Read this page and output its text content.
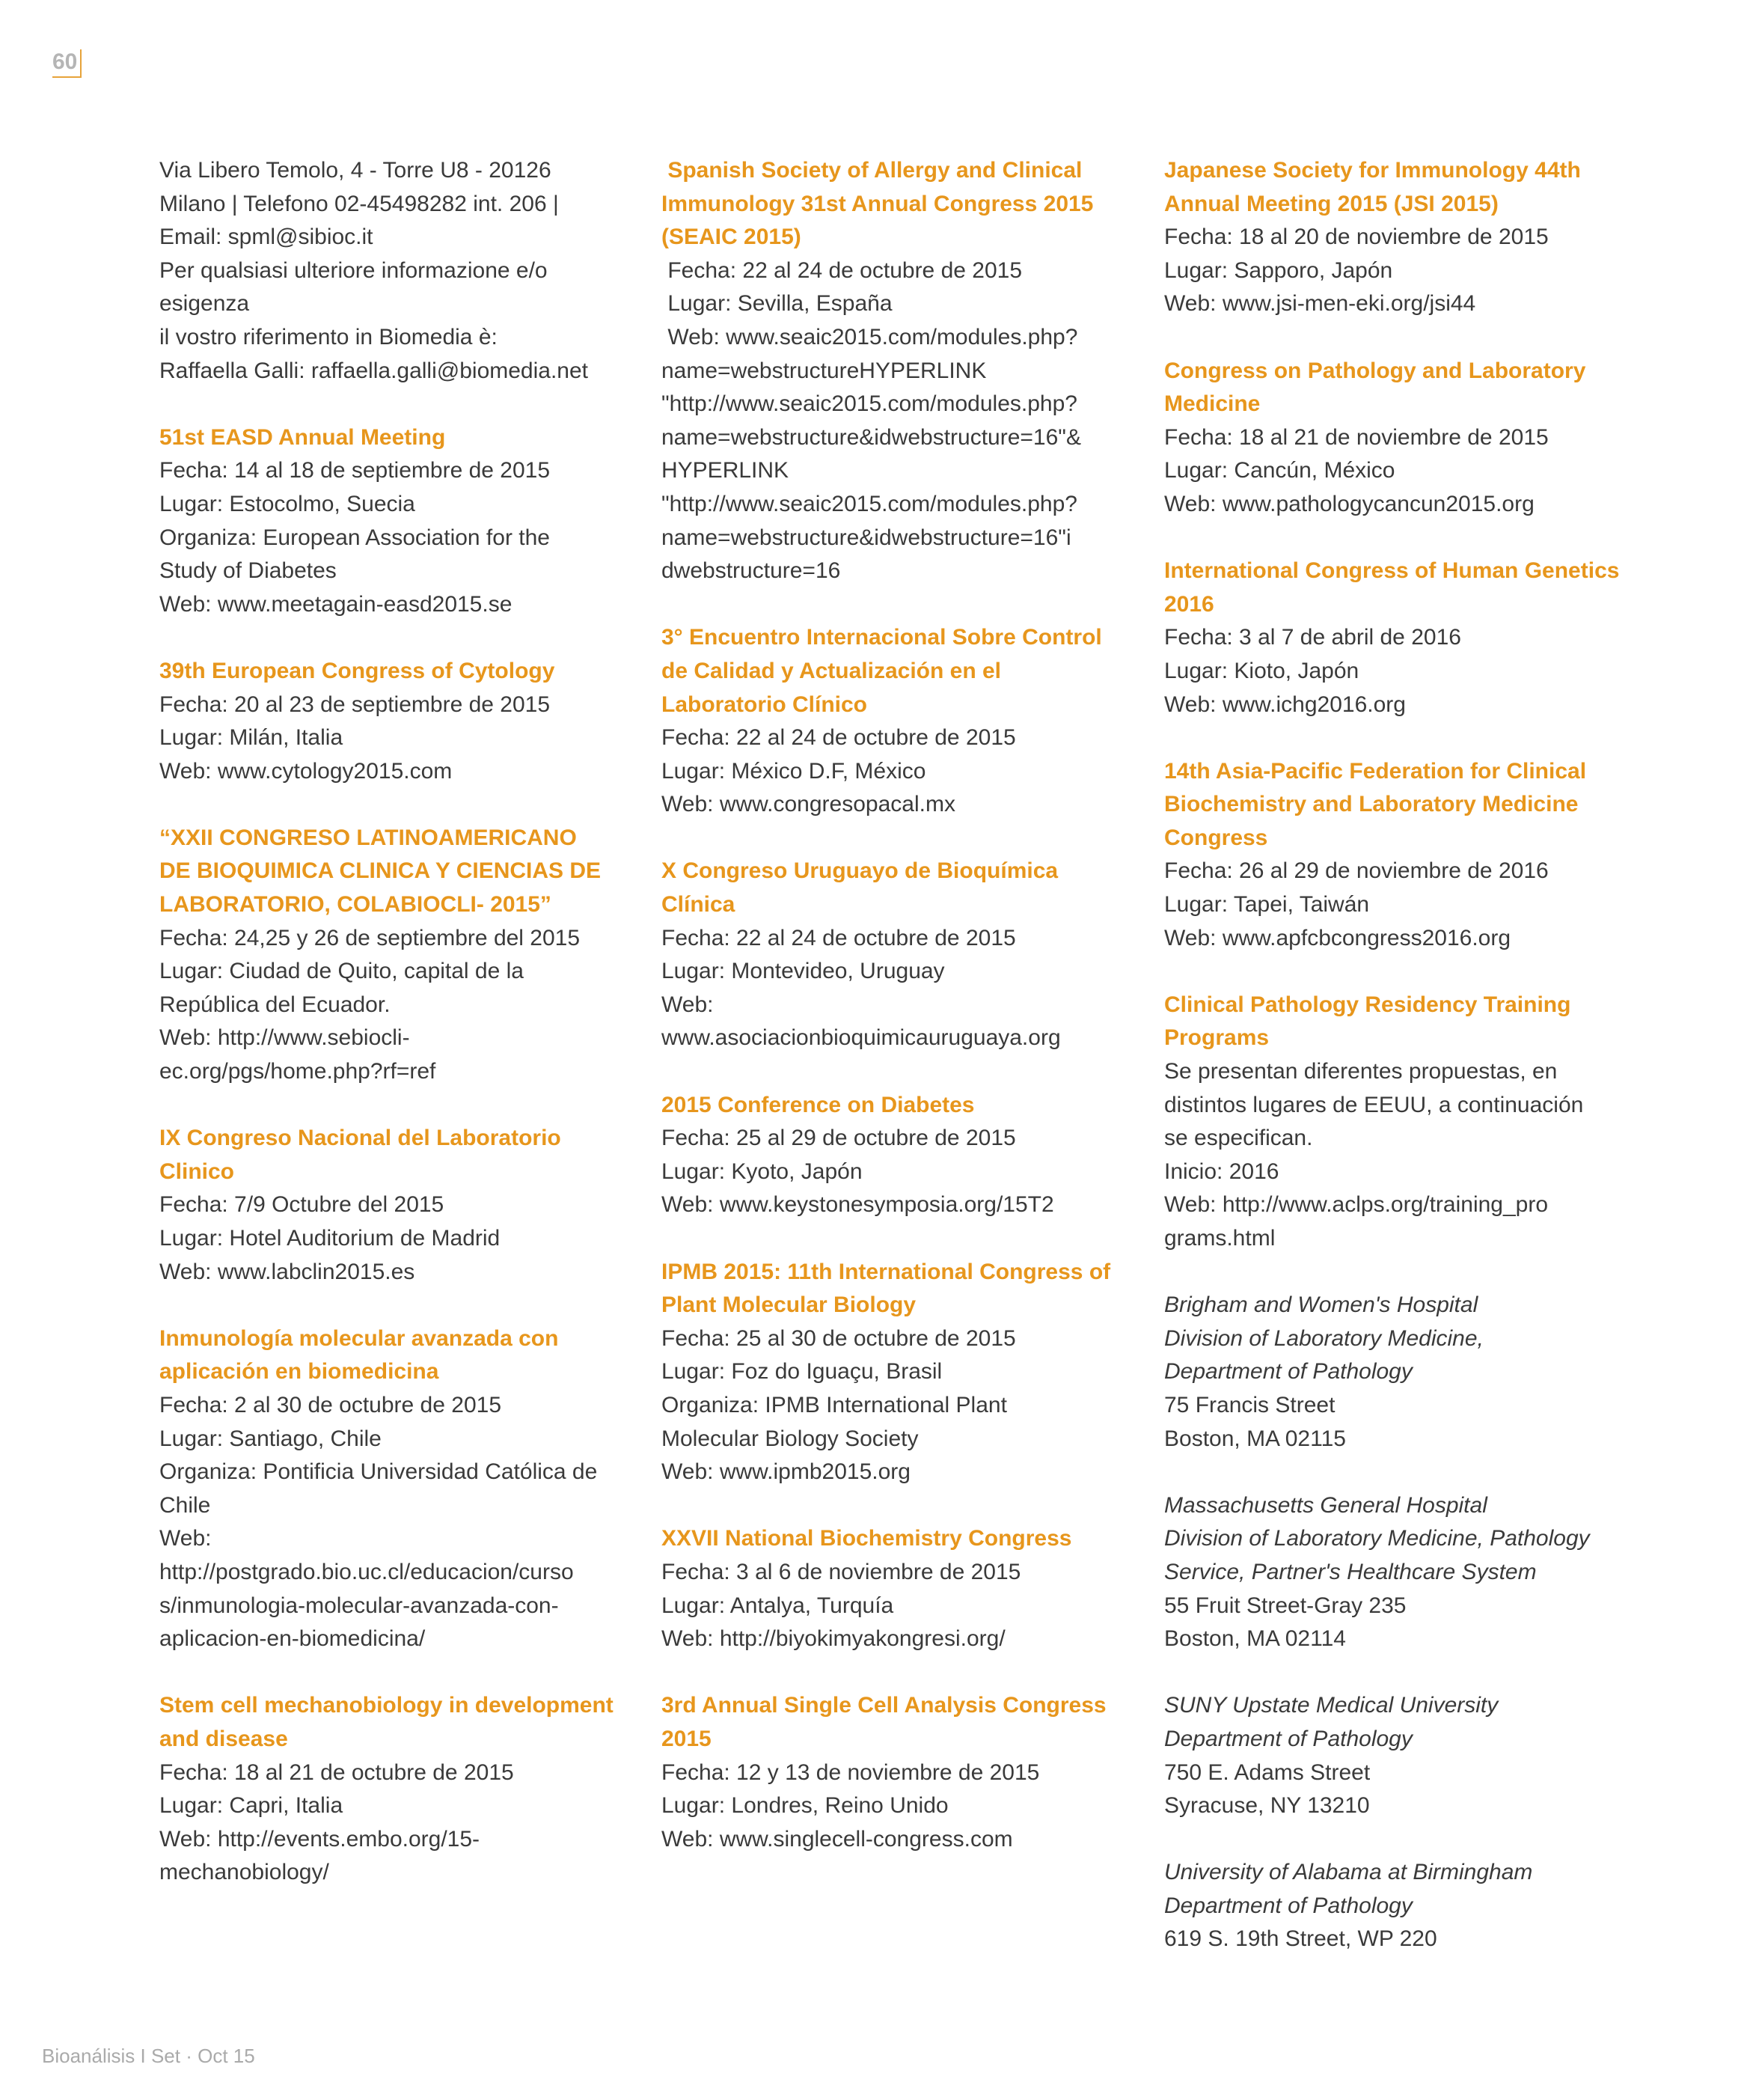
60
Via Libero Temolo, 4 - Torre U8 - 20126
Milano | Telefono 02-45498282 int. 206 |
Email: spml@sibioc.it
Per qualsiasi ulteriore informazione e/o
esigenza
il vostro riferimento in Biomedia è:
Raffaella Galli: raffaella.galli@biomedia.net
51st EASD Annual Meeting
Fecha: 14 al 18 de septiembre de 2015
Lugar: Estocolmo, Suecia
Organiza: European Association for the
Study of Diabetes
Web: www.meetagain-easd2015.se
39th European Congress of Cytology
Fecha: 20 al 23 de septiembre de 2015
Lugar: Milán, Italia
Web: www.cytology2015.com
“XXII CONGRESO LATINOAMERICANO
DE BIOQUIMICA CLINICA Y CIENCIAS DE
LABORATORIO, COLABIOCLI- 2015”
Fecha: 24,25 y 26 de septiembre del 2015
Lugar: Ciudad de Quito, capital de la
República del Ecuador.
Web: http://www.sebiocli-
ec.org/pgs/home.php?rf=ref
IX Congreso Nacional del Laboratorio
Clinico
Fecha: 7/9 Octubre del 2015
Lugar: Hotel Auditorium de Madrid
Web: www.labclin2015.es
Inmunología molecular avanzada con
aplicación en biomedicina
Fecha: 2 al 30 de octubre de 2015
Lugar: Santiago, Chile
Organiza: Pontificia Universidad Católica de
Chile
Web:
http://postgrado.bio.uc.cl/educacion/curso
s/inmunologia-molecular-avanzada-con-
aplicacion-en-biomedicina/
Stem cell mechanobiology in development
and disease
Fecha: 18 al 21 de octubre de 2015
Lugar: Capri, Italia
Web: http://events.embo.org/15-
mechanobiology/
Spanish Society of Allergy and Clinical
Immunology 31st Annual Congress 2015
(SEAIC 2015)
Fecha: 22 al 24 de octubre de 2015
Lugar: Sevilla, España
Web: www.seaic2015.com/modules.php?
name=webstructureHYPERLINK
"http://www.seaic2015.com/modules.php?
name=webstructure&idwebstructure=16"&
HYPERLINK
"http://www.seaic2015.com/modules.php?
name=webstructure&idwebstructure=16"i
dwebstructure=16
3° Encuentro Internacional Sobre Control
de Calidad y Actualización en el
Laboratorio Clínico
Fecha: 22 al 24 de octubre de 2015
Lugar: México D.F, México
Web: www.congresopacal.mx
X Congreso Uruguayo de Bioquímica
Clínica
Fecha: 22 al 24 de octubre de 2015
Lugar: Montevideo, Uruguay
Web:
www.asociacionbioquimicauruguaya.org
2015 Conference on Diabetes
Fecha: 25 al 29 de octubre de 2015
Lugar: Kyoto, Japón
Web: www.keystonesymposia.org/15T2
IPMB 2015: 11th International Congress of
Plant Molecular Biology
Fecha: 25 al 30 de octubre de 2015
Lugar: Foz do Iguaçu, Brasil
Organiza: IPMB International Plant
Molecular Biology Society
Web: www.ipmb2015.org
XXVII National Biochemistry Congress
Fecha: 3 al 6 de noviembre de 2015
Lugar: Antalya, Turquía
Web: http://biyokimyakongresi.org/
3rd Annual Single Cell Analysis Congress
2015
Fecha: 12 y 13 de noviembre de 2015
Lugar: Londres, Reino Unido
Web: www.singlecell-congress.com
Japanese Society for Immunology 44th
Annual Meeting 2015 (JSI 2015)
Fecha: 18 al 20 de noviembre de 2015
Lugar: Sapporo, Japón
Web: www.jsi-men-eki.org/jsi44
Congress on Pathology and Laboratory
Medicine
Fecha: 18 al 21 de noviembre de 2015
Lugar: Cancún, México
Web: www.pathologycancun2015.org
International Congress of Human Genetics
2016
Fecha: 3 al 7 de abril de 2016
Lugar: Kioto, Japón
Web: www.ichg2016.org
14th Asia-Pacific Federation for Clinical
Biochemistry and Laboratory Medicine
Congress
Fecha: 26 al 29 de noviembre de 2016
Lugar: Tapei, Taiwán
Web: www.apfcbcongress2016.org
Clinical Pathology Residency Training
Programs
Se presentan diferentes propuestas, en
distintos lugares de EEUU, a continuación
se especifican.
Inicio: 2016
Web: http://www.aclps.org/training_pro
grams.html
Brigham and Women's Hospital
Division of Laboratory Medicine,
Department of Pathology
75 Francis Street
Boston, MA 02115
Massachusetts General Hospital
Division of Laboratory Medicine, Pathology
Service, Partner's Healthcare System
55 Fruit Street-Gray 235
Boston, MA 02114
SUNY Upstate Medical University
Department of Pathology
750 E. Adams Street
Syracuse, NY 13210
University of Alabama at Birmingham
Department of Pathology
619 S. 19th Street, WP 220
Bioanálisis I Set · Oct 15
